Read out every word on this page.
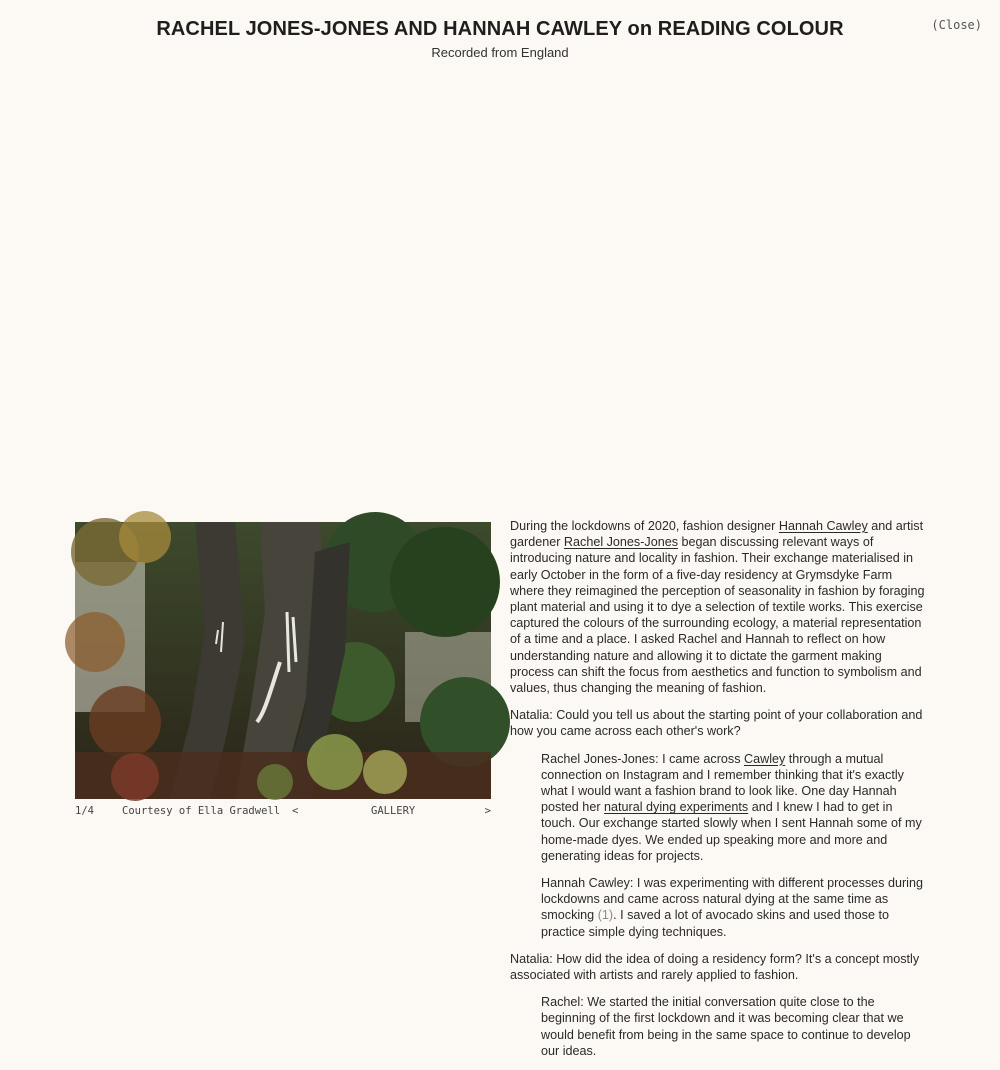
RACHEL JONES-JONES AND HANNAH CAWLEY on READING COLOUR

Recorded from England

(Close)
1/4	Courtesy of Ella Gradwell <	GALLERY	>

During the lockdowns of 2020, fashion designer Hannah Cawley and artist gardener Rachel Jones-Jones began discussing relevant ways of introducing nature and locality in fashion. Their exchange materialised in early October in the form of a five-day residency at Grymsdyke Farm where they reimagined the perception of seasonality in fashion by foraging plant material and using it to dye a selection of textile works. This exercise captured the colours of the surrounding ecology, a material representation of a time and a place. I asked Rachel and Hannah to reflect on how understanding nature and allowing it to dictate the garment making process can shift the focus from aesthetics and function to symbolism and values, thus changing the meaning of fashion.

Natalia: Could you tell us about the starting point of your collaboration and how you came across each other's work?

Rachel Jones-Jones: I came across Cawley through a mutual connection on Instagram and I remember thinking that it's exactly what I would want a fashion brand to look like. One day Hannah posted her natural dying experiments and I knew I had to get in touch. Our exchange started slowly when I sent Hannah some of my home-made dyes. We ended up speaking more and more and generating ideas for projects.

Hannah Cawley: I was experimenting with different processes during lockdowns and came across natural dying at the same time as smocking (1). I saved a lot of avocado skins and used those to practice simple dying techniques.

Natalia: How did the idea of doing a residency form? It's a concept mostly associated with artists and rarely applied to fashion.

Rachel: We started the initial conversation quite close to the beginning of the first lockdown and it was becoming clear that we would benefit from being in the same space to continue to develop our ideas.
